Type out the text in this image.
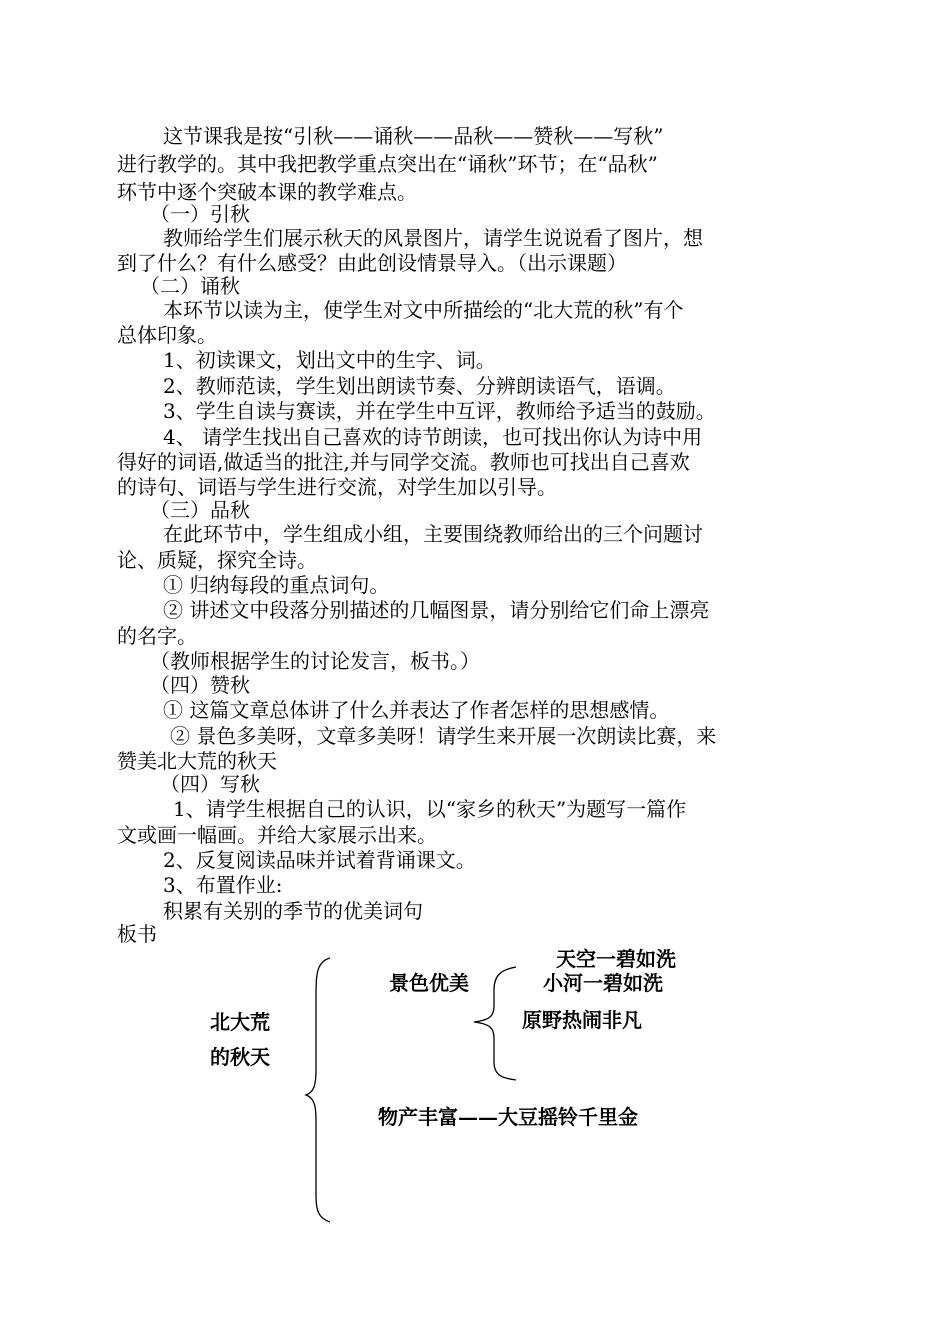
这节课我是按“引秋——诵秋——品秋——赞秋——写秋”
进行教学的。其中我把教学重点突出在“诵秋”环节；在“品秋”
环节中逐个突破本课的教学难点。
（一）引秋
教师给学生们展示秋天的风景图片，请学生说说看了图片，想
到了什么？有什么感受？由此创设情景导入。（出示课题）
（二）诵秋
本环节以读为主，使学生对文中所描绘的“北大荒的秋”有个
总体印象。
1、初读课文，划出文中的生字、词。
2、教师范读，学生划出朗读节奏、分辨朗读语气，语调。
3、学生自读与赛读，并在学生中互评，教师给予适当的鼓励。
4、 请学生找出自己喜欢的诗节朗读，也可找出你认为诗中用
得好的词语,做适当的批注,并与同学交流。教师也可找出自己喜欢
的诗句、词语与学生进行交流，对学生加以引导。
（三）品秋
在此环节中，学生组成小组，主要围绕教师给出的三个问题讨
论、质疑，探究全诗。
① 归纳每段的重点词句。
② 讲述文中段落分别描述的几幅图景，请分别给它们命上漂亮
的名字。
（教师根据学生的讨论发言，板书。）
（四）赞秋
① 这篇文章总体讲了什么并表达了作者怎样的思想感情。
② 景色多美呀，文章多美呀！请学生来开展一次朗读比赛，来
赞美北大荒的秋天
（四）写秋
1、请学生根据自己的认识，以“家乡的秋天”为题写一篇作
文或画一幅画。并给大家展示出来。
2、反复阅读品味并试着背诵课文。
3、布置作业:
积累有关别的季节的优美词句
板书
北大荒
的秋天
景色优美
天空一碧如洗
小河一碧如洗
原野热闹非凡
物产丰富——大豆摇铃千里金
